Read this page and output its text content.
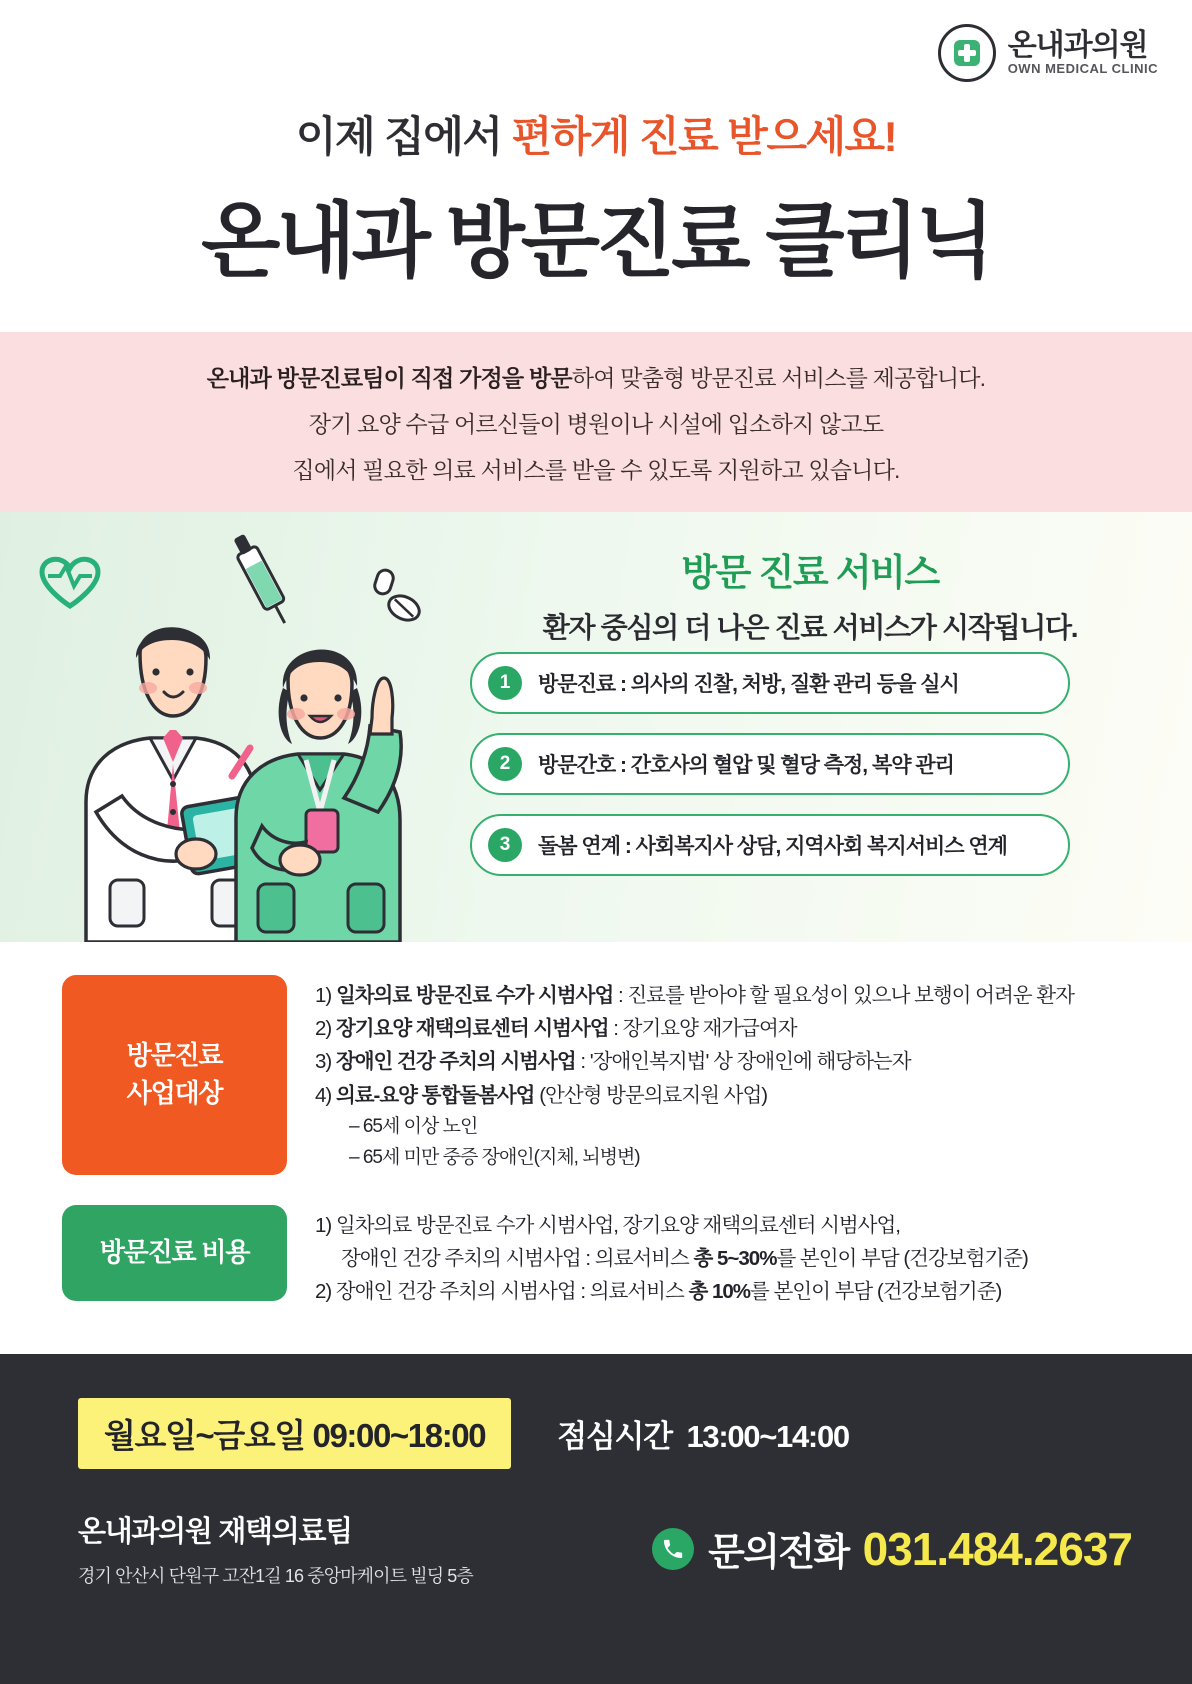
온내과의원
OWN MEDICAL CLINIC
이제 집에서 편하게 진료 받으세요!
온내과 방문진료 클리닉

온내과 방문진료팀이 직접 가정을 방문하여 맞춤형 방문진료 서비스를 제공합니다.

장기 요양 수급 어르신들이 병원이나 시설에 입소하지 않고도

집에서 필요한 의료 서비스를 받을 수 있도록 지원하고 있습니다.

방문 진료 서비스
환자 중심의 더 나은 진료 서비스가 시작됩니다.
1	방문진료 : 의사의 진찰, 처방, 질환 관리 등을 실시
2	방문간호 : 간호사의 혈압 및 혈당 측정, 복약 관리
3	돌봄 연계 : 사회복지사 상담, 지역사회 복지서비스 연계
방문진료
사업대상
1) 일차의료 방문진료 수가 시범사업 : 진료를 받아야 할 필요성이 있으나 보행이 어려운 환자
2) 장기요양 재택의료센터 시범사업 : 장기요양 재가급여자
3) 장애인 건강 주치의 시범사업 : '장애인복지법' 상 장애인에 해당하는자
4) 의료-요양 통합돌봄사업 (안산형 방문의료지원 사업)
– 65세 이상 노인
– 65세 미만 중증 장애인(지체, 뇌병변)
방문진료 비용
1) 일차의료 방문진료 수가 시범사업, 장기요양 재택의료센터 시범사업,
장애인 건강 주치의 시범사업 : 의료서비스 총 5~30%를 본인이 부담 (건강보험기준)
2) 장애인 건강 주치의 시범사업 : 의료서비스 총 10%를 본인이 부담 (건강보험기준)
월요일~금요일 09:00~18:00	점심시간 13:00~14:00
온내과의원 재택의료팀
경기 안산시 단원구 고잔1길 16 중앙마케이트 빌딩 5층
문의전화 031.484.2637
